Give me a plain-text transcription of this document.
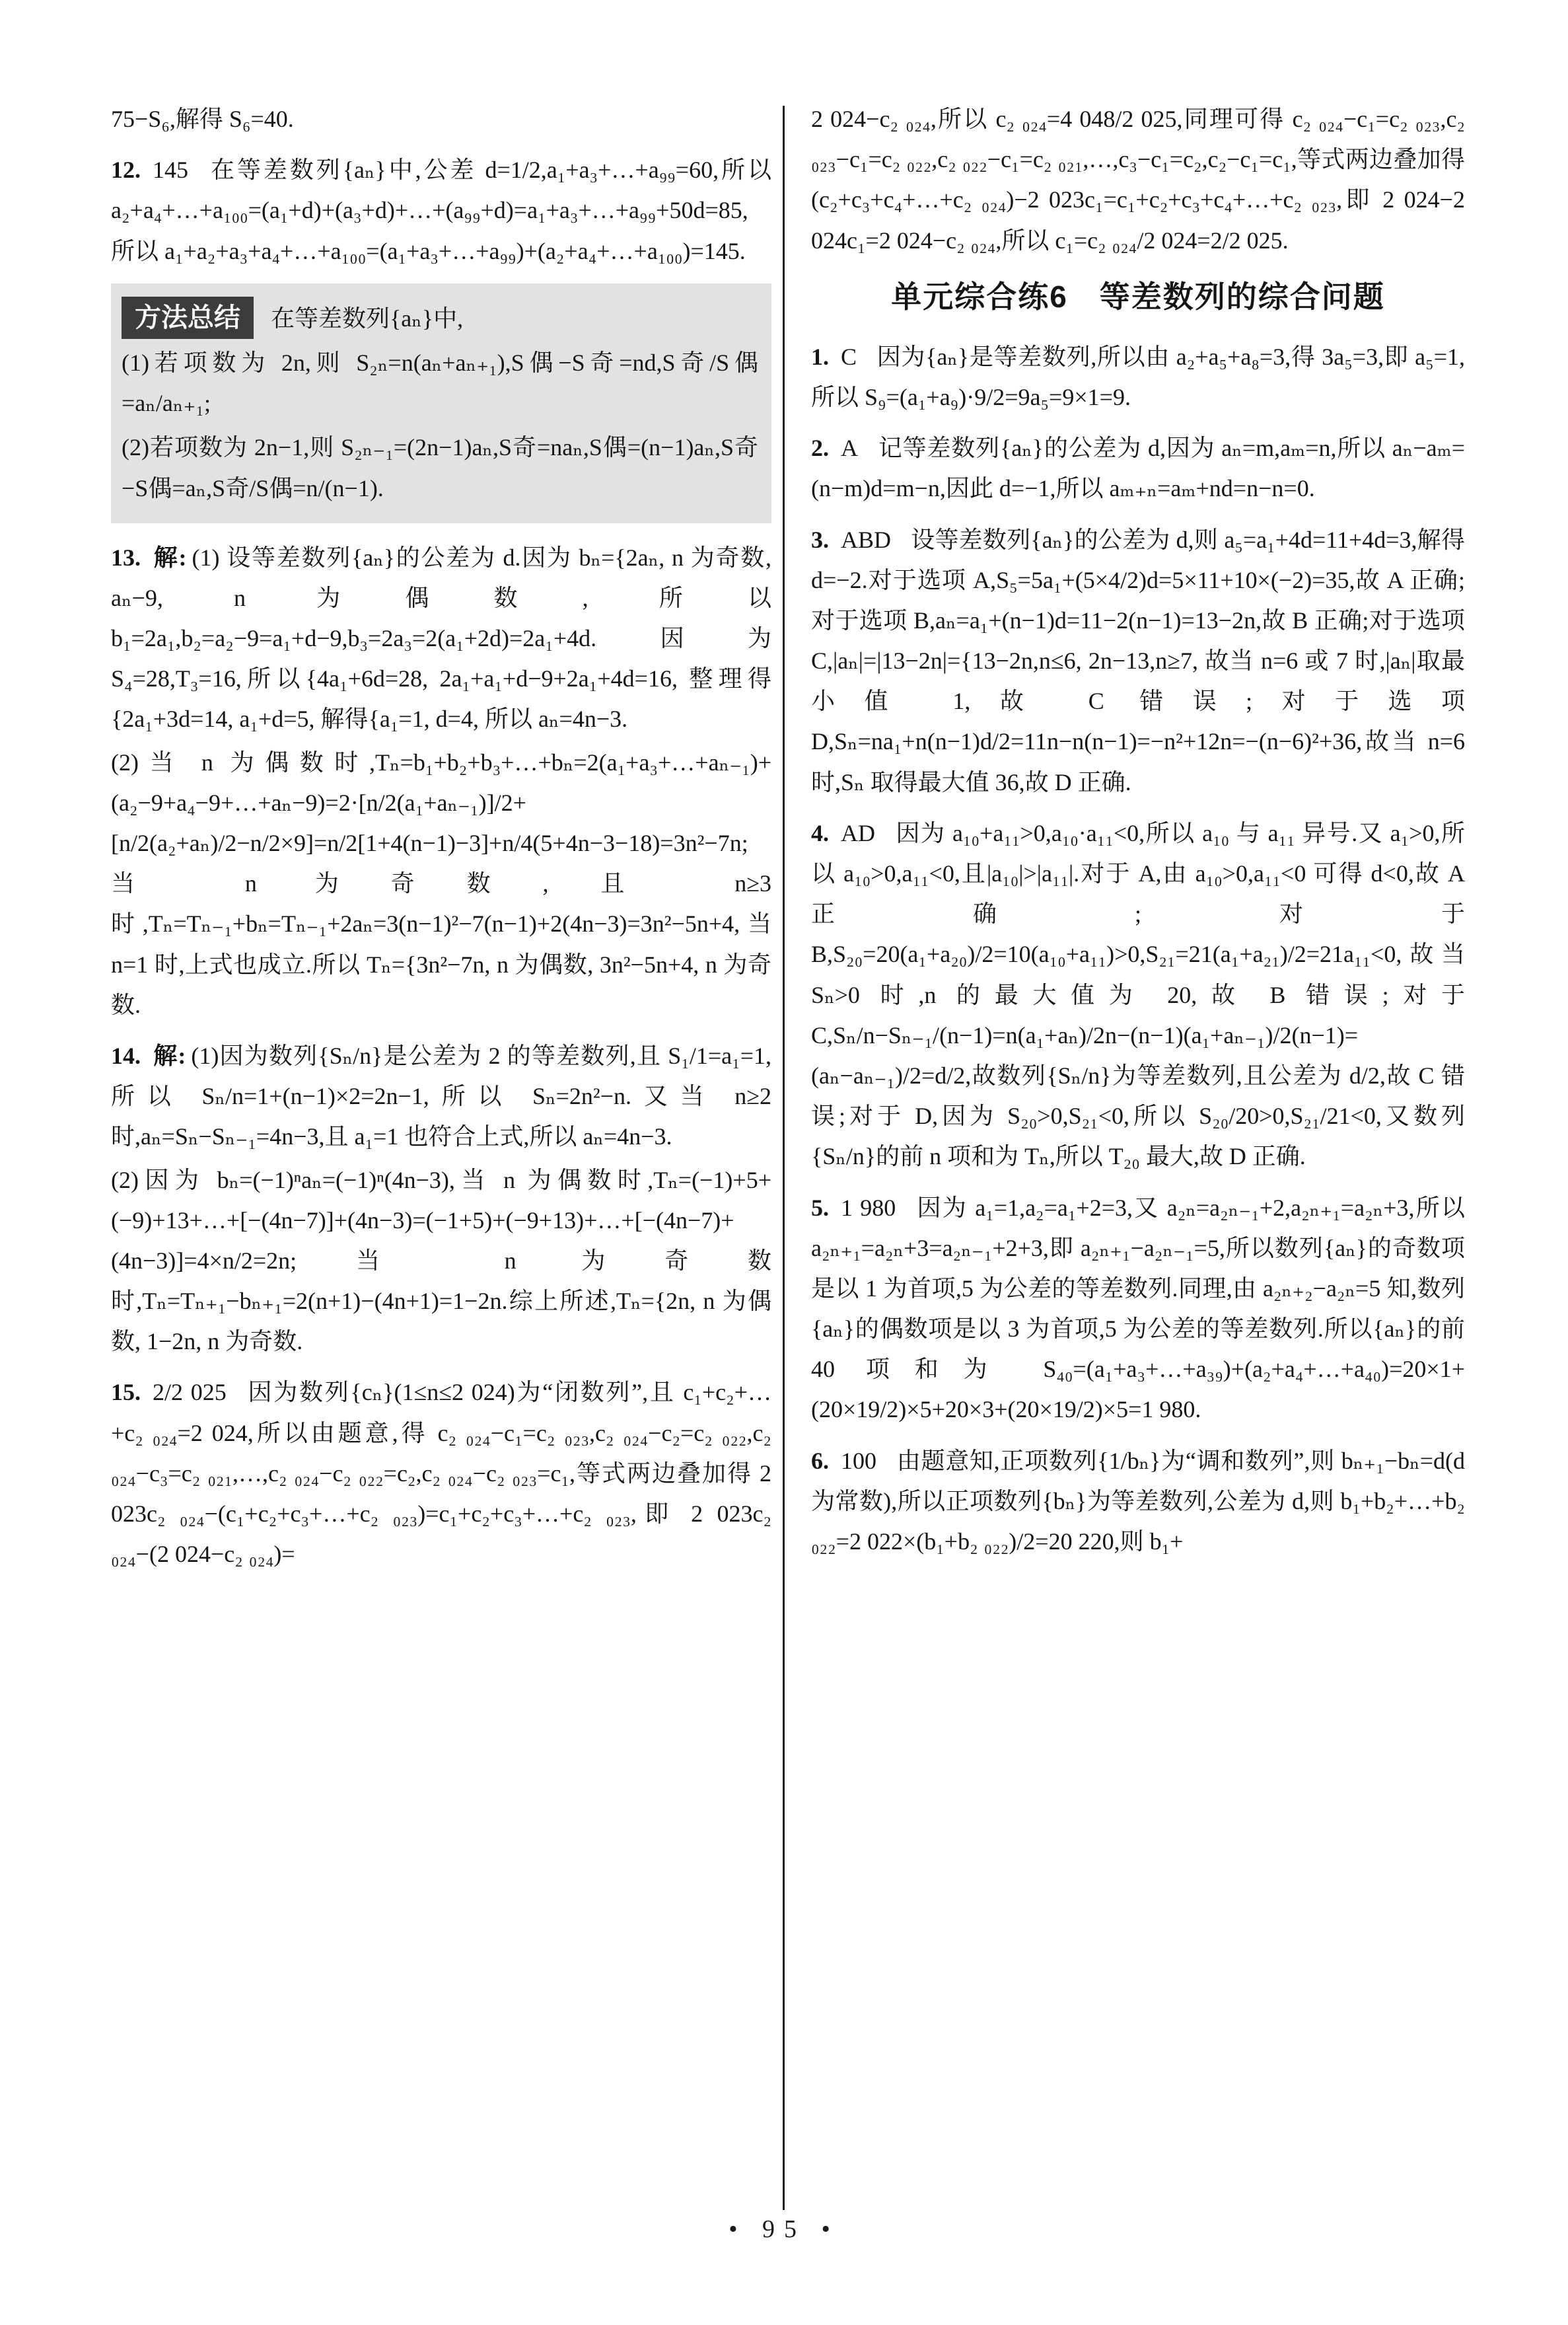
75−S₆,解得 S₆=40.

12. 145 在等差数列{aₙ}中,公差 d=1/2,a₁+a₃+…+a₉₉=60,所以 a₂+a₄+…+a₁₀₀=(a₁+d)+(a₃+d)+…+(a₉₉+d)=a₁+a₃+…+a₉₉+50d=85,所以 a₁+a₂+a₃+a₄+…+a₁₀₀=(a₁+a₃+…+a₉₉)+(a₂+a₄+…+a₁₀₀)=145.

方法总结 在等差数列{aₙ}中,

(1)若项数为 2n,则 S₂ₙ=n(aₙ+aₙ₊₁),S偶−S奇=nd,S奇/S偶=aₙ/aₙ₊₁;

(2)若项数为 2n−1,则 S₂ₙ₋₁=(2n−1)aₙ,S奇=naₙ,S偶=(n−1)aₙ,S奇−S偶=aₙ,S奇/S偶=n/(n−1).

13. 解: (1) 设等差数列{aₙ}的公差为 d.因为 bₙ={2aₙ, n 为奇数, aₙ−9, n 为偶数, 所以 b₁=2a₁,b₂=a₂−9=a₁+d−9,b₃=2a₃=2(a₁+2d)=2a₁+4d.因为 S₄=28,T₃=16,所以{4a₁+6d=28, 2a₁+a₁+d−9+2a₁+4d=16, 整理得{2a₁+3d=14, a₁+d=5, 解得{a₁=1, d=4, 所以 aₙ=4n−3.

(2)当 n 为偶数时,Tₙ=b₁+b₂+b₃+…+bₙ=2(a₁+a₃+…+aₙ₋₁)+(a₂−9+a₄−9+…+aₙ−9)=2·[n/2(a₁+aₙ₋₁)]/2+[n/2(a₂+aₙ)/2−n/2×9]=n/2[1+4(n−1)−3]+n/4(5+4n−3−18)=3n²−7n;当 n 为奇数,且 n≥3 时,Tₙ=Tₙ₋₁+bₙ=Tₙ₋₁+2aₙ=3(n−1)²−7(n−1)+2(4n−3)=3n²−5n+4,当 n=1 时,上式也成立.所以 Tₙ={3n²−7n, n 为偶数, 3n²−5n+4, n 为奇数.

14. 解: (1)因为数列{Sₙ/n}是公差为 2 的等差数列,且 S₁/1=a₁=1,所以 Sₙ/n=1+(n−1)×2=2n−1,所以 Sₙ=2n²−n.又当 n≥2 时,aₙ=Sₙ−Sₙ₋₁=4n−3,且 a₁=1 也符合上式,所以 aₙ=4n−3.

(2)因为 bₙ=(−1)ⁿaₙ=(−1)ⁿ(4n−3),当 n 为偶数时,Tₙ=(−1)+5+(−9)+13+…+[−(4n−7)]+(4n−3)=(−1+5)+(−9+13)+…+[−(4n−7)+(4n−3)]=4×n/2=2n;当 n 为奇数时,Tₙ=Tₙ₊₁−bₙ₊₁=2(n+1)−(4n+1)=1−2n.综上所述,Tₙ={2n, n 为偶数, 1−2n, n 为奇数.

15. 2/2 025 因为数列{cₙ}(1≤n≤2 024)为“闭数列”,且 c₁+c₂+…+c₂ ₀₂₄=2 024,所以由题意,得 c₂ ₀₂₄−c₁=c₂ ₀₂₃,c₂ ₀₂₄−c₂=c₂ ₀₂₂,c₂ ₀₂₄−c₃=c₂ ₀₂₁,…,c₂ ₀₂₄−c₂ ₀₂₂=c₂,c₂ ₀₂₄−c₂ ₀₂₃=c₁,等式两边叠加得 2 023c₂ ₀₂₄−(c₁+c₂+c₃+…+c₂ ₀₂₃)=c₁+c₂+c₃+…+c₂ ₀₂₃,即 2 023c₂ ₀₂₄−(2 024−c₂ ₀₂₄)=

2 024−c₂ ₀₂₄,所以 c₂ ₀₂₄=4 048/2 025,同理可得 c₂ ₀₂₄−c₁=c₂ ₀₂₃,c₂ ₀₂₃−c₁=c₂ ₀₂₂,c₂ ₀₂₂−c₁=c₂ ₀₂₁,…,c₃−c₁=c₂,c₂−c₁=c₁,等式两边叠加得(c₂+c₃+c₄+…+c₂ ₀₂₄)−2 023c₁=c₁+c₂+c₃+c₄+…+c₂ ₀₂₃,即 2 024−2 024c₁=2 024−c₂ ₀₂₄,所以 c₁=c₂ ₀₂₄/2 024=2/2 025.

单元综合练6　等差数列的综合问题

1. C 因为{aₙ}是等差数列,所以由 a₂+a₅+a₈=3,得 3a₅=3,即 a₅=1,所以 S₉=(a₁+a₉)·9/2=9a₅=9×1=9.

2. A 记等差数列{aₙ}的公差为 d,因为 aₙ=m,aₘ=n,所以 aₙ−aₘ=(n−m)d=m−n,因此 d=−1,所以 aₘ₊ₙ=aₘ+nd=n−n=0.

3. ABD 设等差数列{aₙ}的公差为 d,则 a₅=a₁+4d=11+4d=3,解得 d=−2.对于选项 A,S₅=5a₁+(5×4/2)d=5×11+10×(−2)=35,故 A 正确;对于选项 B,aₙ=a₁+(n−1)d=11−2(n−1)=13−2n,故 B 正确;对于选项 C,|aₙ|=|13−2n|={13−2n,n≤6, 2n−13,n≥7, 故当 n=6 或 7 时,|aₙ|取最小值 1,故 C 错误;对于选项 D,Sₙ=na₁+n(n−1)d/2=11n−n(n−1)=−n²+12n=−(n−6)²+36,故当 n=6 时,Sₙ 取得最大值 36,故 D 正确.

4. AD 因为 a₁₀+a₁₁>0,a₁₀·a₁₁<0,所以 a₁₀ 与 a₁₁ 异号.又 a₁>0,所以 a₁₀>0,a₁₁<0,且|a₁₀|>|a₁₁|.对于 A,由 a₁₀>0,a₁₁<0 可得 d<0,故 A 正确;对于 B,S₂₀=20(a₁+a₂₀)/2=10(a₁₀+a₁₁)>0,S₂₁=21(a₁+a₂₁)/2=21a₁₁<0,故当 Sₙ>0 时,n 的最大值为 20,故 B 错误;对于 C,Sₙ/n−Sₙ₋₁/(n−1)=n(a₁+aₙ)/2n−(n−1)(a₁+aₙ₋₁)/2(n−1)=(aₙ−aₙ₋₁)/2=d/2,故数列{Sₙ/n}为等差数列,且公差为 d/2,故 C 错误;对于 D,因为 S₂₀>0,S₂₁<0,所以 S₂₀/20>0,S₂₁/21<0,又数列{Sₙ/n}的前 n 项和为 Tₙ,所以 T₂₀ 最大,故 D 正确.

5. 1 980 因为 a₁=1,a₂=a₁+2=3,又 a₂ₙ=a₂ₙ₋₁+2,a₂ₙ₊₁=a₂ₙ+3,所以 a₂ₙ₊₁=a₂ₙ+3=a₂ₙ₋₁+2+3,即 a₂ₙ₊₁−a₂ₙ₋₁=5,所以数列{aₙ}的奇数项是以 1 为首项,5 为公差的等差数列.同理,由 a₂ₙ₊₂−a₂ₙ=5 知,数列{aₙ}的偶数项是以 3 为首项,5 为公差的等差数列.所以{aₙ}的前 40 项和为 S₄₀=(a₁+a₃+…+a₃₉)+(a₂+a₄+…+a₄₀)=20×1+(20×19/2)×5+20×3+(20×19/2)×5=1 980.

6. 100 由题意知,正项数列{1/bₙ}为“调和数列”,则 bₙ₊₁−bₙ=d(d 为常数),所以正项数列{bₙ}为等差数列,公差为 d,则 b₁+b₂+…+b₂ ₀₂₂=2 022×(b₁+b₂ ₀₂₂)/2=20 220,则 b₁+

• 95 •
